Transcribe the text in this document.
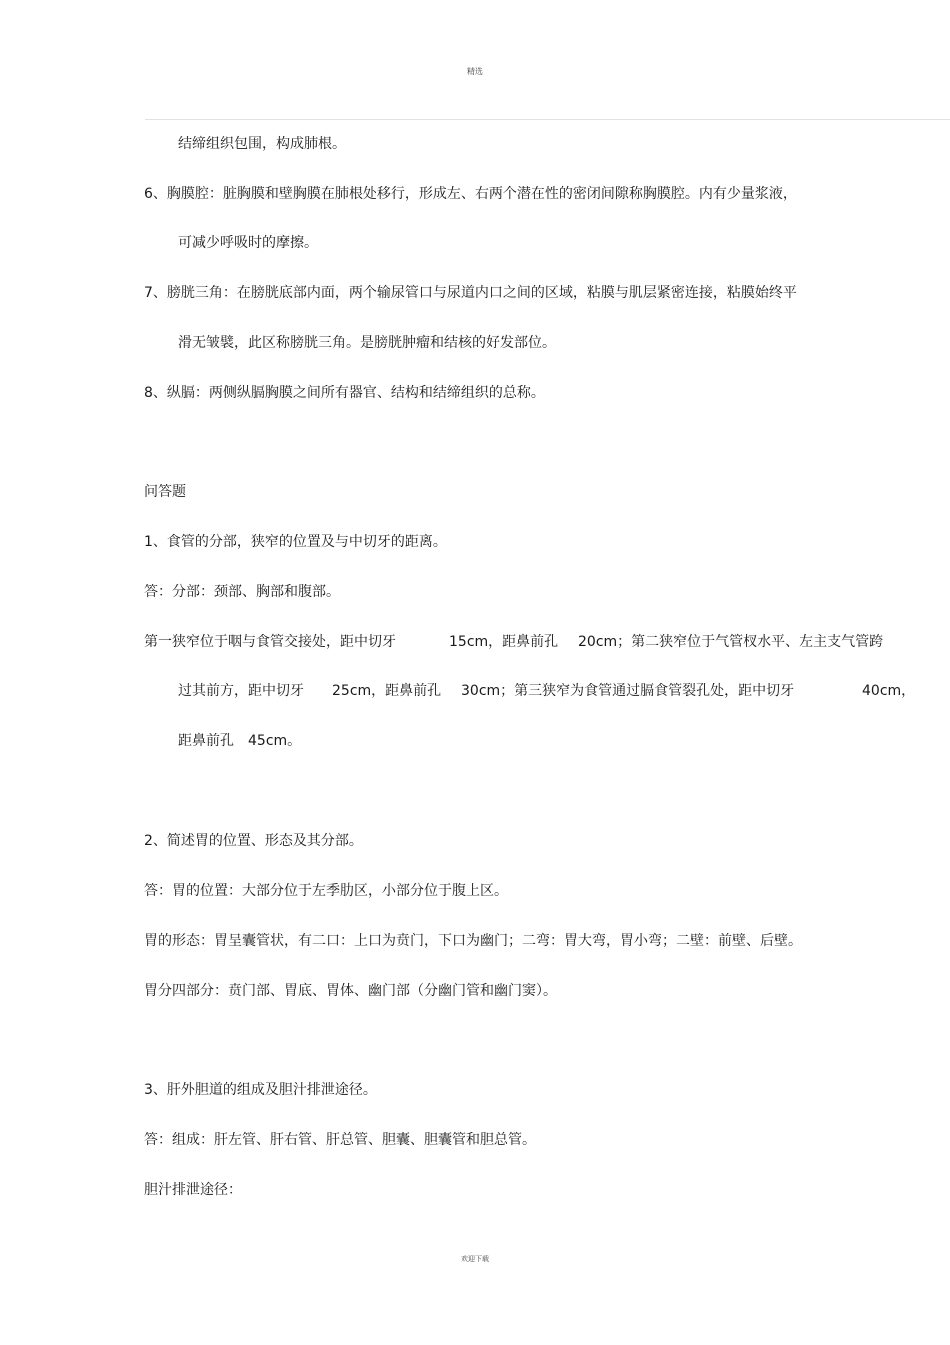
精选
结缔组织包围，构成肺根。
6、胸膜腔：脏胸膜和壁胸膜在肺根处移行，形成左、右两个潜在性的密闭间隙称胸膜腔。内有少量浆液，
可减少呼吸时的摩擦。
7、膀胱三角：在膀胱底部内面，两个输尿管口与尿道内口之间的区域，粘膜与肌层紧密连接，粘膜始终平
滑无皱襞，此区称膀胱三角。是膀胱肿瘤和结核的好发部位。
8、纵膈：两侧纵膈胸膜之间所有器官、结构和结缔组织的总称。
问答题
1、食管的分部，狭窄的位置及与中切牙的距离。
答：分部：颈部、胸部和腹部。
第一狭窄位于咽与食管交接处，距中切牙	15cm，距鼻前孔 20cm；第二狭窄位于气管杈水平、左主支气管跨
过其前方，距中切牙 25cm，距鼻前孔 30cm；第三狭窄为食管通过膈食管裂孔处，距中切牙	40cm，
距鼻前孔 45cm。
2、简述胃的位置、形态及其分部。
答：胃的位置：大部分位于左季肋区，小部分位于腹上区。
胃的形态：胃呈囊管状，有二口：上口为贲门，下口为幽门；二弯：胃大弯，胃小弯；二壁：前壁、后壁。
胃分四部分：贲门部、胃底、胃体、幽门部（分幽门管和幽门窦）。
3、肝外胆道的组成及胆汁排泄途径。
答：组成：肝左管、肝右管、肝总管、胆囊、胆囊管和胆总管。
胆汁排泄途径：
欢迎下载
